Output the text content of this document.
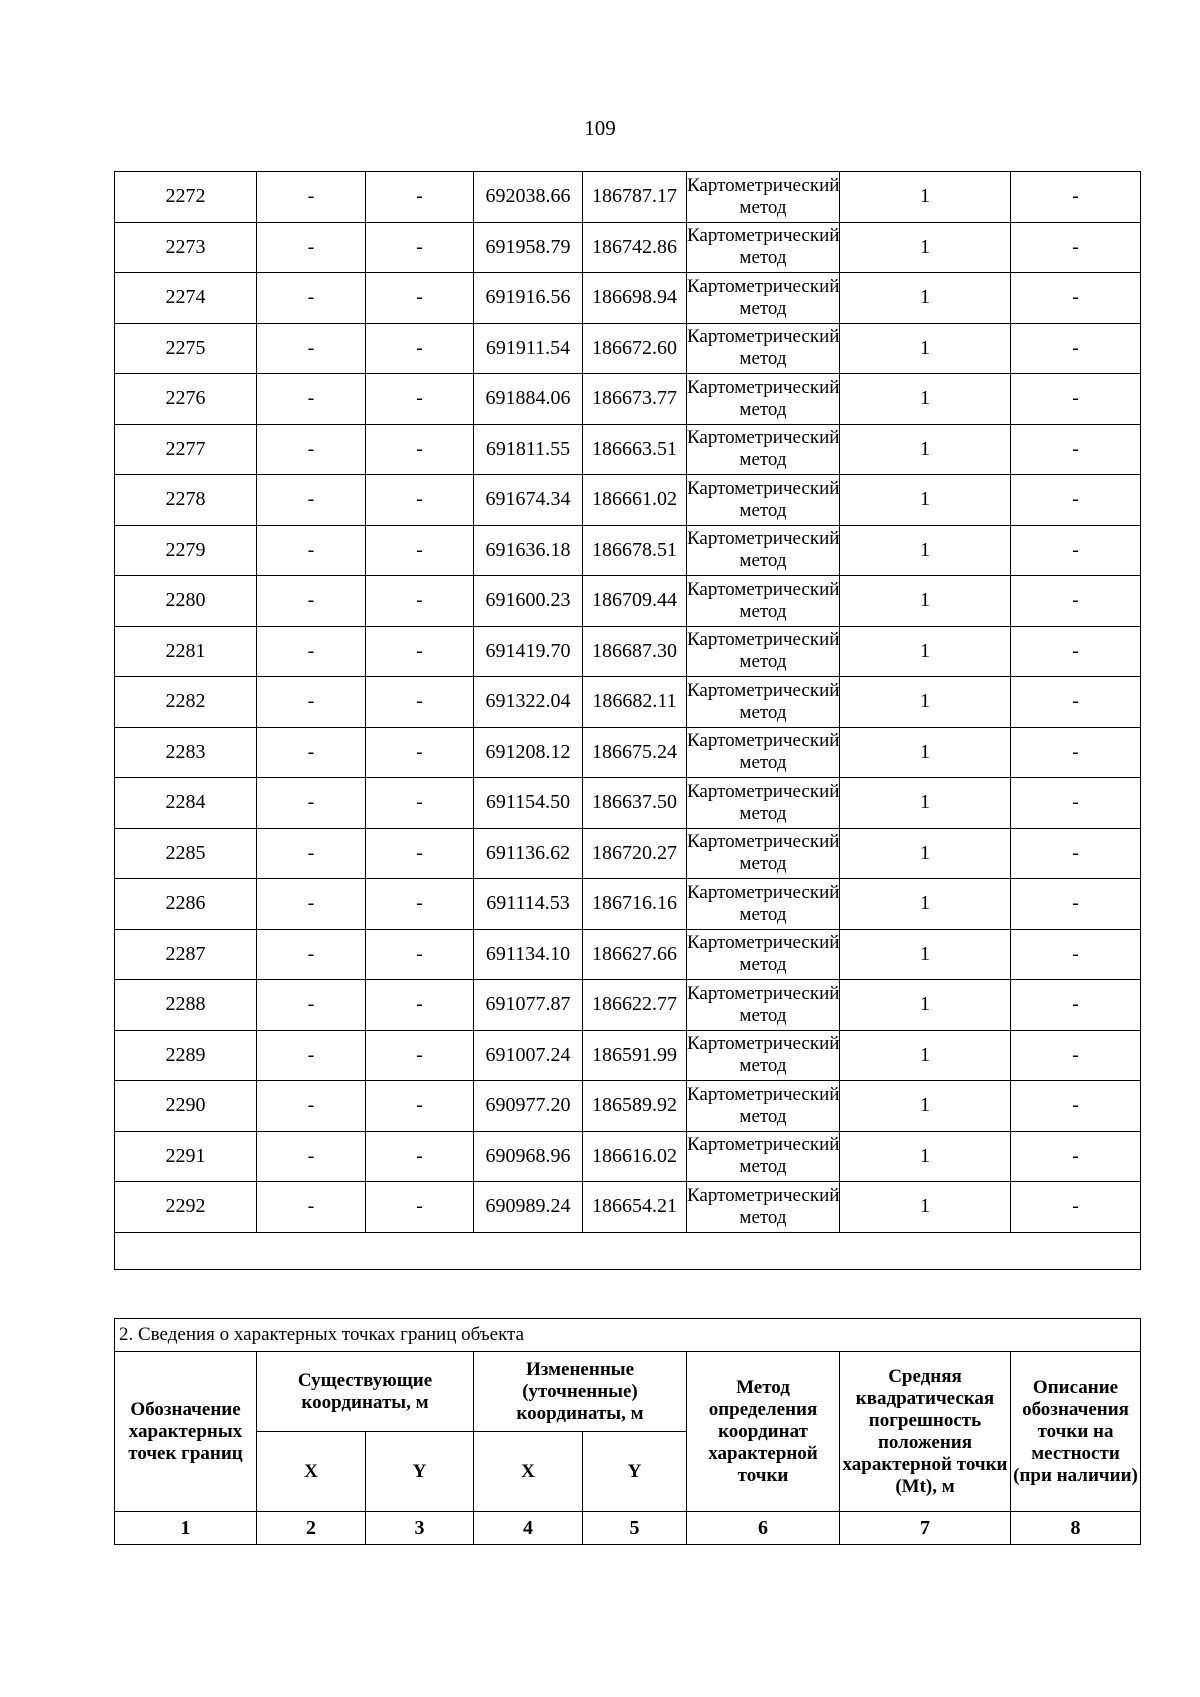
109
2272	-	-	692038.66	186787.17	Картометрический метод	1	-
2273	-	-	691958.79	186742.86	Картометрический метод	1	-
2274	-	-	691916.56	186698.94	Картометрический метод	1	-
2275	-	-	691911.54	186672.60	Картометрический метод	1	-
2276	-	-	691884.06	186673.77	Картометрический метод	1	-
2277	-	-	691811.55	186663.51	Картометрический метод	1	-
2278	-	-	691674.34	186661.02	Картометрический метод	1	-
2279	-	-	691636.18	186678.51	Картометрический метод	1	-
2280	-	-	691600.23	186709.44	Картометрический метод	1	-
2281	-	-	691419.70	186687.30	Картометрический метод	1	-
2282	-	-	691322.04	186682.11	Картометрический метод	1	-
2283	-	-	691208.12	186675.24	Картометрический метод	1	-
2284	-	-	691154.50	186637.50	Картометрический метод	1	-
2285	-	-	691136.62	186720.27	Картометрический метод	1	-
2286	-	-	691114.53	186716.16	Картометрический метод	1	-
2287	-	-	691134.10	186627.66	Картометрический метод	1	-
2288	-	-	691077.87	186622.77	Картометрический метод	1	-
2289	-	-	691007.24	186591.99	Картометрический метод	1	-
2290	-	-	690977.20	186589.92	Картометрический метод	1	-
2291	-	-	690968.96	186616.02	Картометрический метод	1	-
2292	-	-	690989.24	186654.21	Картометрический метод	1	-

2. Сведения о характерных точках границ объекта							
Обозначение характерных точек границ	Существующие координаты, м		Измененные (уточненные) координаты, м		Метод определения координат характерной точки	Средняя квадратическая погрешность положения характерной точки (Mt), м	Описание обозначения точки на местности (при наличии)
	X	Y	X	Y			
1	2	3	4	5	6	7	8
